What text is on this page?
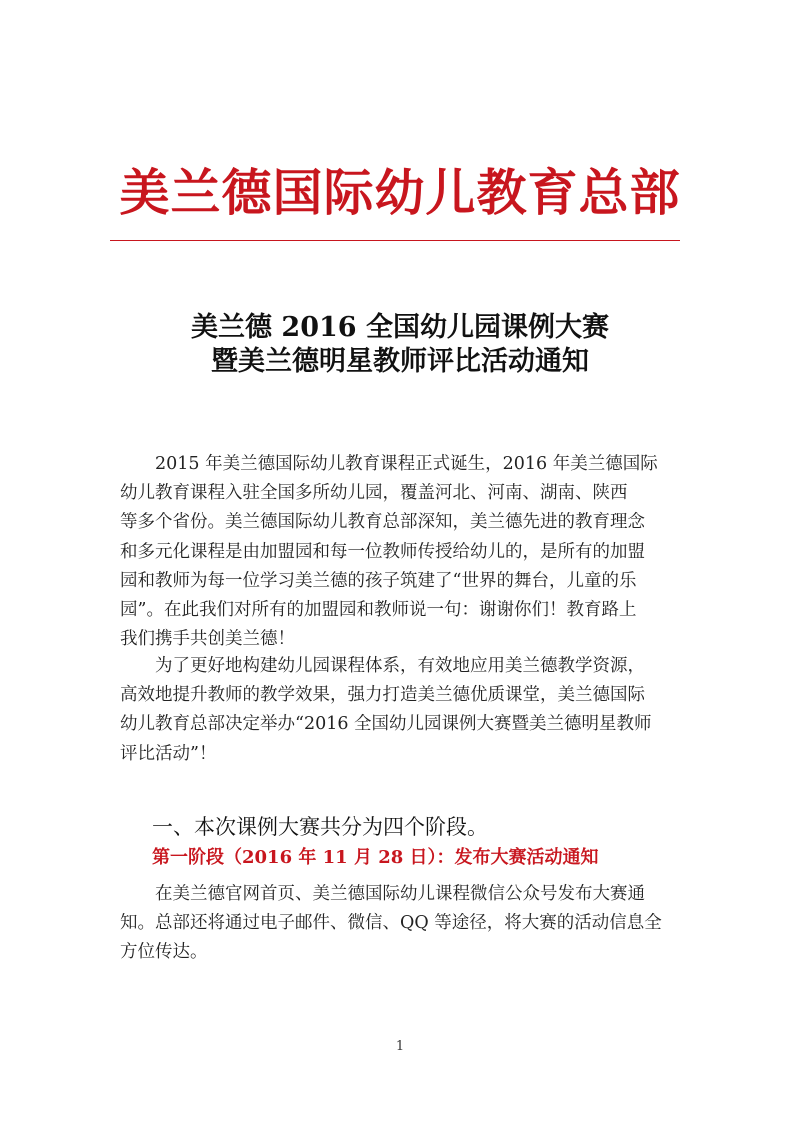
美兰德国际幼儿教育总部
美兰德 2016 全国幼儿园课例大赛
暨美兰德明星教师评比活动通知
2015 年美兰德国际幼儿教育课程正式诞生，2016 年美兰德国际
幼儿教育课程入驻全国多所幼儿园，覆盖河北、河南、湖南、陕西
等多个省份。美兰德国际幼儿教育总部深知，美兰德先进的教育理念
和多元化课程是由加盟园和每一位教师传授给幼儿的，是所有的加盟
园和教师为每一位学习美兰德的孩子筑建了“世界的舞台，儿童的乐
园”。在此我们对所有的加盟园和教师说一句：谢谢你们！教育路上
我们携手共创美兰德！
为了更好地构建幼儿园课程体系，有效地应用美兰德教学资源，
高效地提升教师的教学效果，强力打造美兰德优质课堂，美兰德国际
幼儿教育总部决定举办“2016 全国幼儿园课例大赛暨美兰德明星教师
评比活动”！
一、本次课例大赛共分为四个阶段。
第一阶段（2016 年 11 月 28 日）：发布大赛活动通知
在美兰德官网首页、美兰德国际幼儿课程微信公众号发布大赛通
知。总部还将通过电子邮件、微信、QQ 等途径，将大赛的活动信息全
方位传达。
1
